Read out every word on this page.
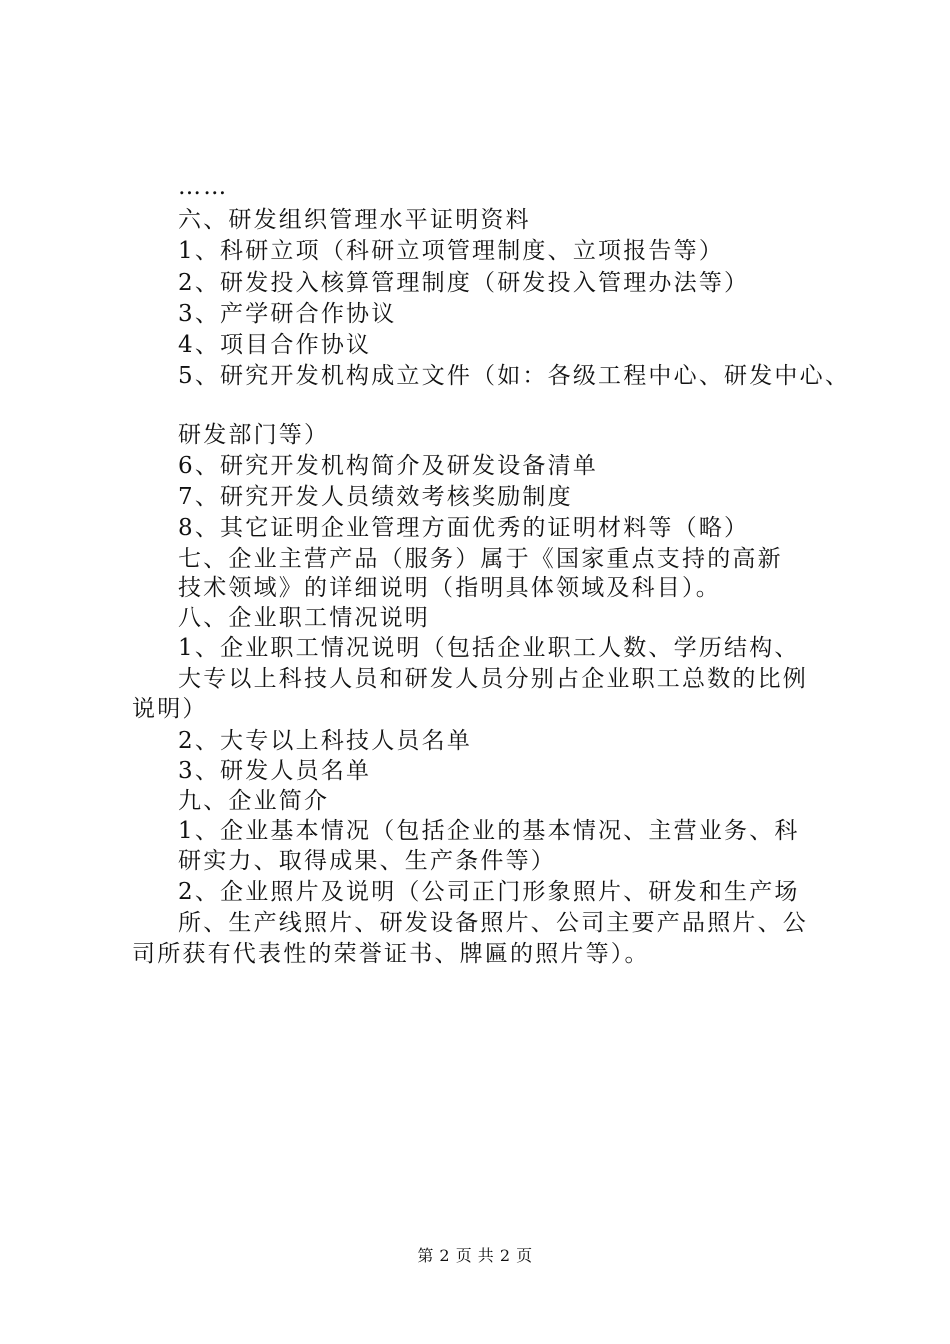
……
六、研发组织管理水平证明资料
1、科研立项（科研立项管理制度、立项报告等）
2、研发投入核算管理制度（研发投入管理办法等）
3、产学研合作协议
4、项目合作协议
5、研究开发机构成立文件（如：各级工程中心、研发中心、
研发部门等）
6、研究开发机构简介及研发设备清单
7、研究开发人员绩效考核奖励制度
8、其它证明企业管理方面优秀的证明材料等（略）
七、企业主营产品（服务）属于《国家重点支持的高新
技术领域》的详细说明（指明具体领域及科目）。
八、企业职工情况说明
1、企业职工情况说明（包括企业职工人数、学历结构、
大专以上科技人员和研发人员分别占企业职工总数的比例
说明）
2、大专以上科技人员名单
3、研发人员名单
九、企业简介
1、企业基本情况（包括企业的基本情况、主营业务、科
研实力、取得成果、生产条件等）
2、企业照片及说明（公司正门形象照片、研发和生产场
所、生产线照片、研发设备照片、公司主要产品照片、公
司所获有代表性的荣誉证书、牌匾的照片等）。
第 2 页 共 2 页
